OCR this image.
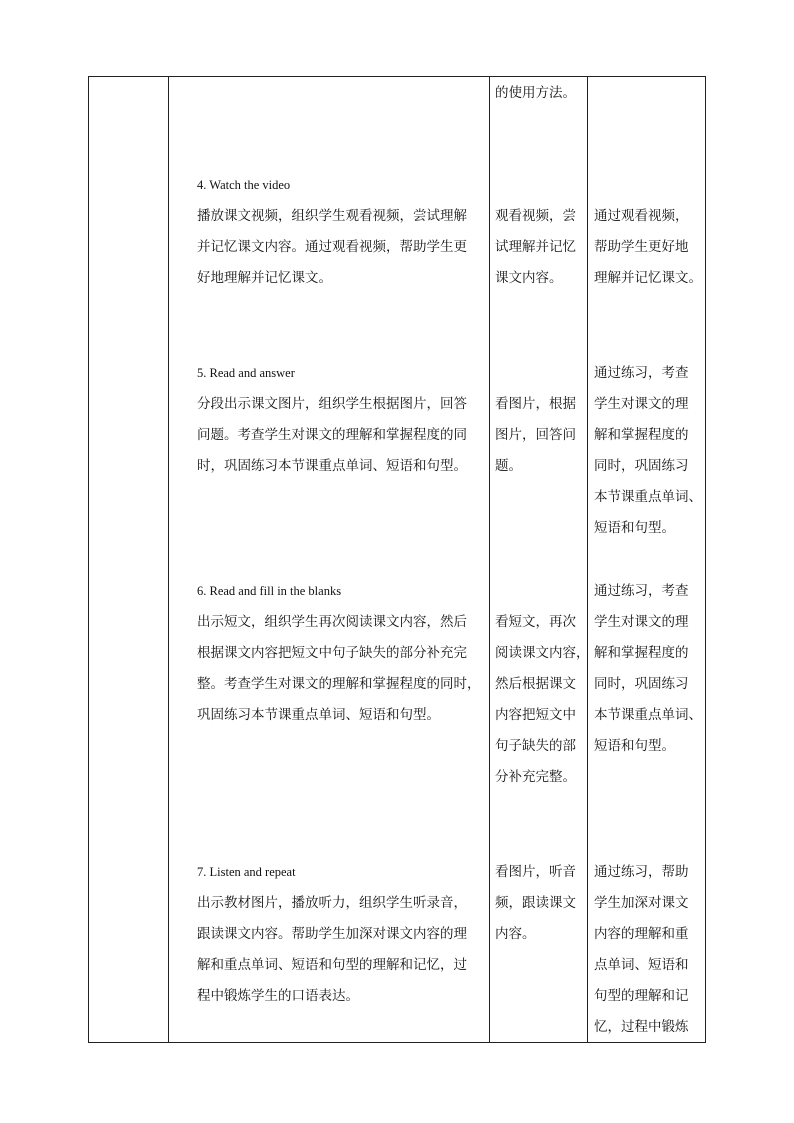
的使用方法。
4. Watch the video
播放课文视频，组织学生观看视频，尝试理解
并记忆课文内容。通过观看视频，帮助学生更
好地理解并记忆课文。
观看视频，尝
试理解并记忆
课文内容。
通过观看视频，
帮助学生更好地
理解并记忆课文。
5. Read and answer
分段出示课文图片，组织学生根据图片，回答
问题。考查学生对课文的理解和掌握程度的同
时，巩固练习本节课重点单词、短语和句型。
看图片，根据
图片，回答问
题。
通过练习，考查
学生对课文的理
解和掌握程度的
同时，巩固练习
本节课重点单词、
短语和句型。
6. Read and fill in the blanks
出示短文，组织学生再次阅读课文内容，然后
根据课文内容把短文中句子缺失的部分补充完
整。考查学生对课文的理解和掌握程度的同时，
巩固练习本节课重点单词、短语和句型。
看短文，再次
阅读课文内容，
然后根据课文
内容把短文中
句子缺失的部
分补充完整。
通过练习，考查
学生对课文的理
解和掌握程度的
同时，巩固练习
本节课重点单词、
短语和句型。
7. Listen and repeat
出示教材图片，播放听力，组织学生听录音，
跟读课文内容。帮助学生加深对课文内容的理
解和重点单词、短语和句型的理解和记忆，过
程中锻炼学生的口语表达。
看图片，听音
频，跟读课文
内容。
通过练习，帮助
学生加深对课文
内容的理解和重
点单词、短语和
句型的理解和记
忆，过程中锻炼
